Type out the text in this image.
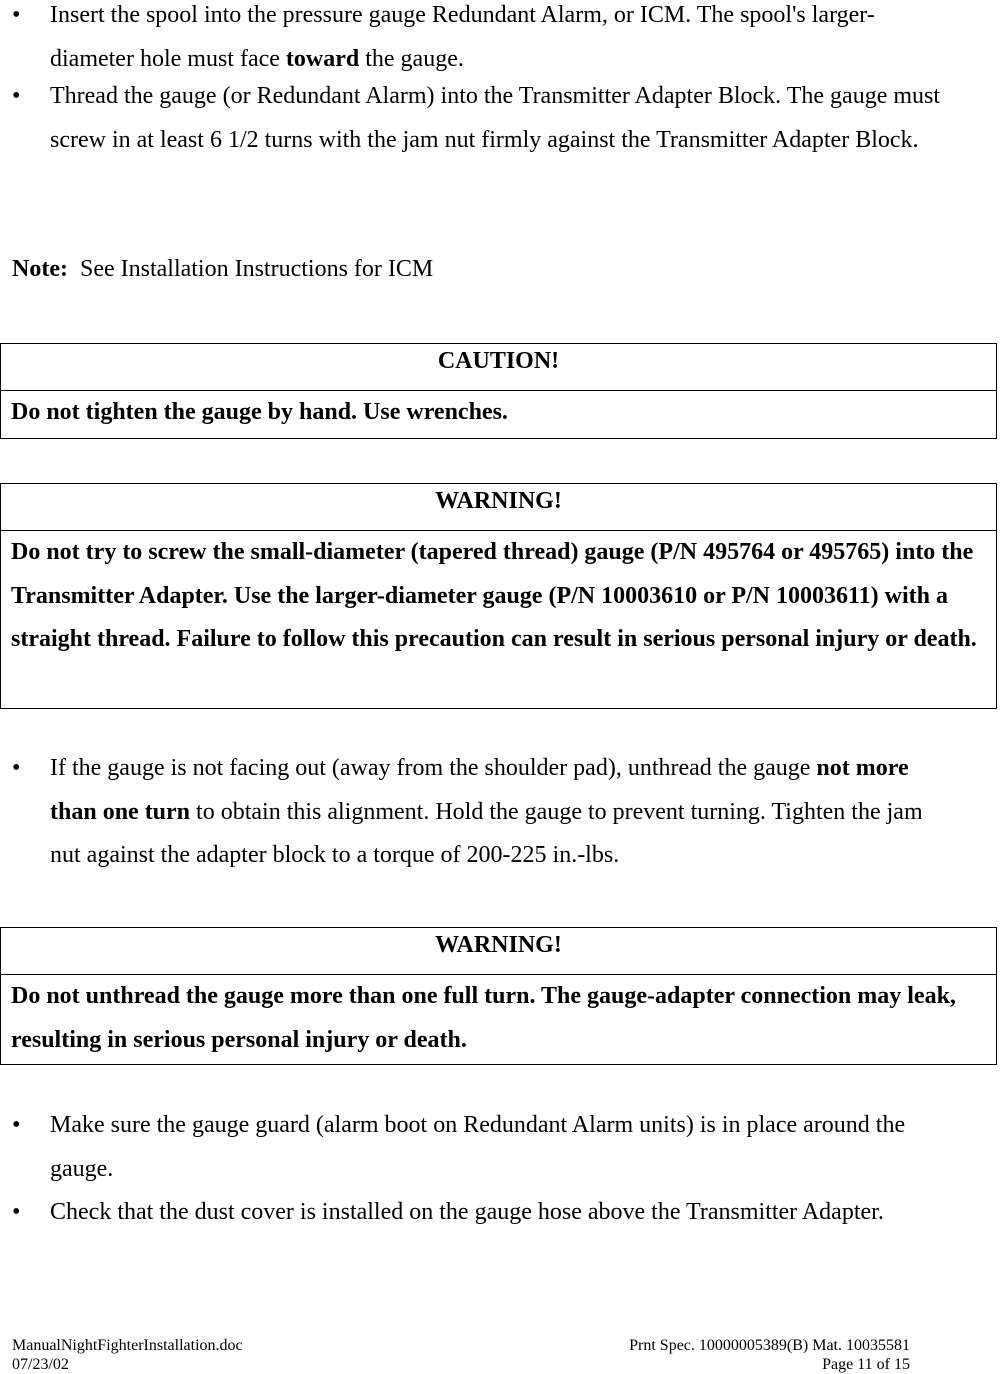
•	Insert the spool into the pressure gauge Redundant Alarm, or ICM. The spool's larger-diameter hole must face toward the gauge.
•	Thread the gauge (or Redundant Alarm) into the Transmitter Adapter Block. The gauge must screw in at least 6 1/2 turns with the jam nut firmly against the Transmitter Adapter Block.
Note: See Installation Instructions for ICM
CAUTION!
Do not tighten the gauge by hand. Use wrenches.
WARNING!
Do not try to screw the small-diameter (tapered thread) gauge (P/N 495764 or 495765) into the Transmitter Adapter. Use the larger-diameter gauge (P/N 10003610 or P/N 10003611) with a straight thread. Failure to follow this precaution can result in serious personal injury or death.
•	If the gauge is not facing out (away from the shoulder pad), unthread the gauge not more than one turn to obtain this alignment. Hold the gauge to prevent turning. Tighten the jam nut against the adapter block to a torque of 200-225 in.-lbs.
WARNING!
Do not unthread the gauge more than one full turn. The gauge-adapter connection may leak, resulting in serious personal injury or death.
•	Make sure the gauge guard (alarm boot on Redundant Alarm units) is in place around the gauge.
•	Check that the dust cover is installed on the gauge hose above the Transmitter Adapter.
ManualNightFighterInstallation.doc	Prnt Spec. 10000005389(B) Mat. 10035581
07/23/02	Page 11 of 15
